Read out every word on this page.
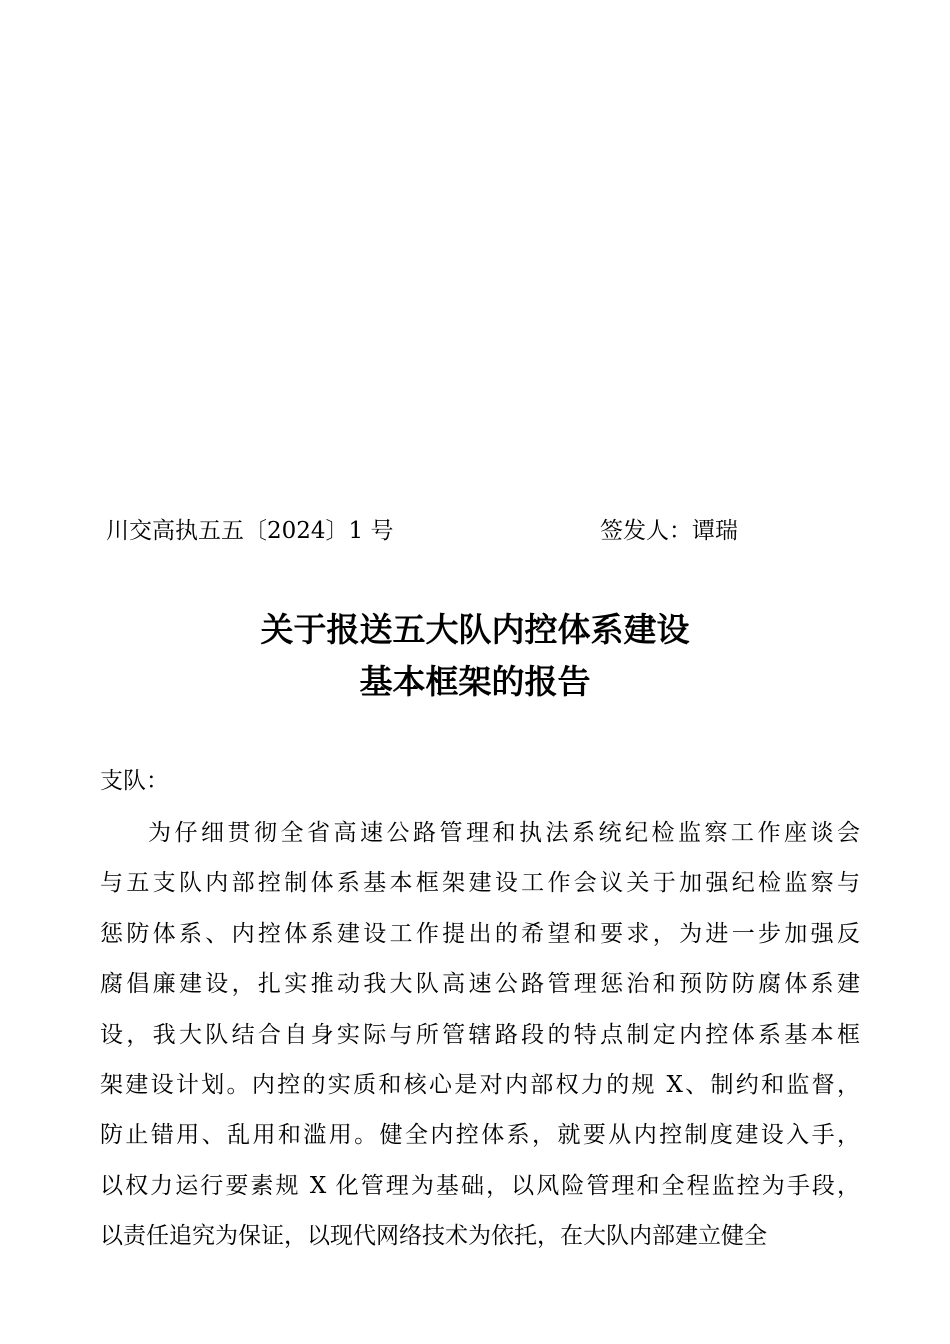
川交高执五五〔2024〕1 号	签发人：谭瑞
关于报送五大队内控体系建设
基本框架的报告
支队：
为仔细贯彻全省高速公路管理和执法系统纪检监察工作座谈会
与五支队内部控制体系基本框架建设工作会议关于加强纪检监察与
惩防体系、内控体系建设工作提出的希望和要求，为进一步加强反
腐倡廉建设，扎实推动我大队高速公路管理惩治和预防防腐体系建
设，我大队结合自身实际与所管辖路段的特点制定内控体系基本框
架建设计划。内控的实质和核心是对内部权力的规 X、制约和监督，
防止错用、乱用和滥用。健全内控体系，就要从内控制度建设入手，
以权力运行要素规 X 化管理为基础，以风险管理和全程监控为手段，
以责任追究为保证，以现代网络技术为依托，在大队内部建立健全
